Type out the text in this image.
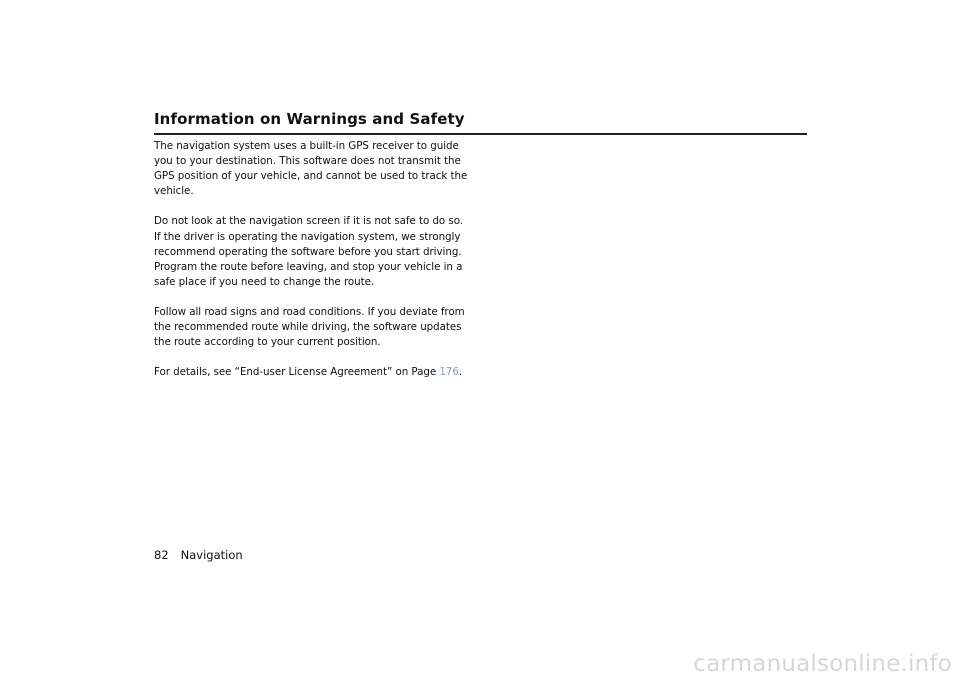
Information on Warnings and Safety

The navigation system uses a built-in GPS receiver to guide you to your destination. This software does not transmit the GPS position of your vehicle, and cannot be used to track the vehicle.

Do not look at the navigation screen if it is not safe to do so. If the driver is operating the navigation system, we strongly recommend operating the software before you start driving. Program the route before leaving, and stop your vehicle in a safe place if you need to change the route.

Follow all road signs and road conditions. If you deviate from the recommended route while driving, the software updates the route according to your current position.

For details, see “End-user License Agreement” on Page 176.

82 Navigation
carmanualsonline.info
